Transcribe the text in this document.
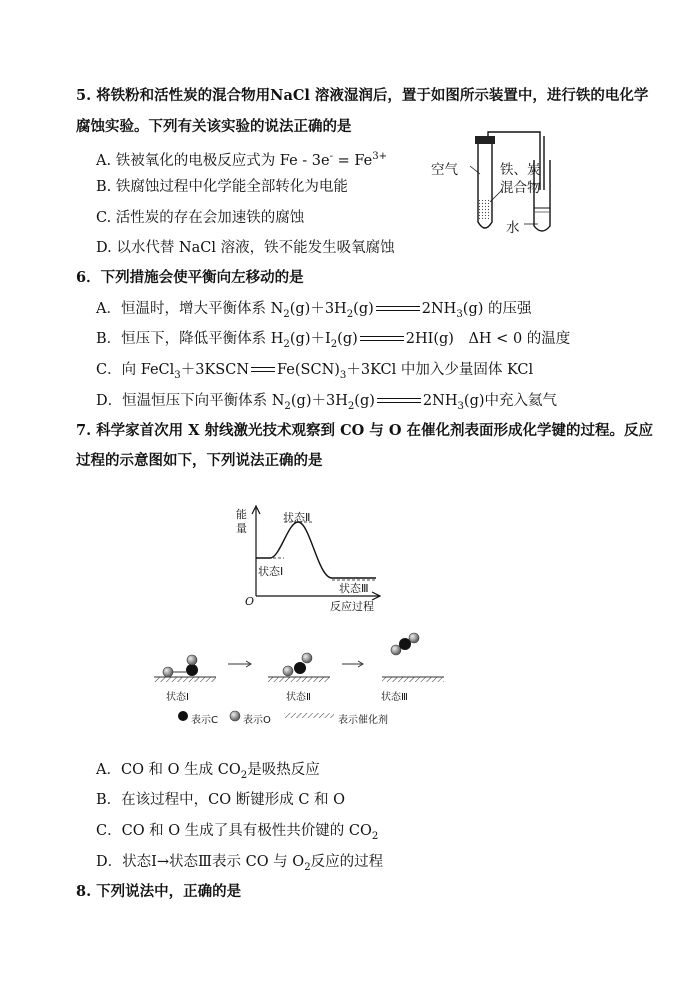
5. 将铁粉和活性炭的混合物用NaCl 溶液湿润后，置于如图所示装置中，进行铁的电化学
腐蚀实验。下列有关该实验的说法正确的是
A. 铁被氧化的电极反应式为 $Fe - 3e^- = Fe^{3+}$
B. 铁腐蚀过程中化学能全部转化为电能
C. 活性炭的存在会加速铁的腐蚀
D. 以水代替 NaCl 溶液，铁不能发生吸氧腐蚀
空气	铁、炭
混合物
水
6．下列措施会使平衡向左移动的是
A．恒温时，增大平衡体系 $N_2(g)+3H_2(g)$	$2NH_3(g)$ 的压强
B．恒压下，降低平衡体系 $H_2(g)+I_2(g)$	2HI(g)　ΔH < 0 的温度
C．向 FeCl$_3$＋3KSCN $Fe(SCN)_3+3KCl$ 中加入少量固体 KCl
D．恒温恒压下向平衡体系 $N_2(g)+3H_2(g)$	$2NH_3(g)$中充入氦气
7. 科学家首次用 X 射线激光技术观察到 CO 与 O 在催化剂表面形成化学键的过程。反应
过程的示意图如下，下列说法正确的是
能
量
状态Ⅱ
状态Ⅰ
状态Ⅲ
O	反应过程
状态Ⅰ	状态Ⅱ	状态Ⅲ
表示C	表示O	表示催化剂
A．CO 和 O 生成 $CO_2$是吸热反应
B．在该过程中，CO 断键形成 C 和 O
C．CO 和 O 生成了具有极性共价键的 $CO_2$
D．状态Ⅰ→状态Ⅲ表示 CO 与 $O_2$反应的过程
8. 下列说法中，正确的是
